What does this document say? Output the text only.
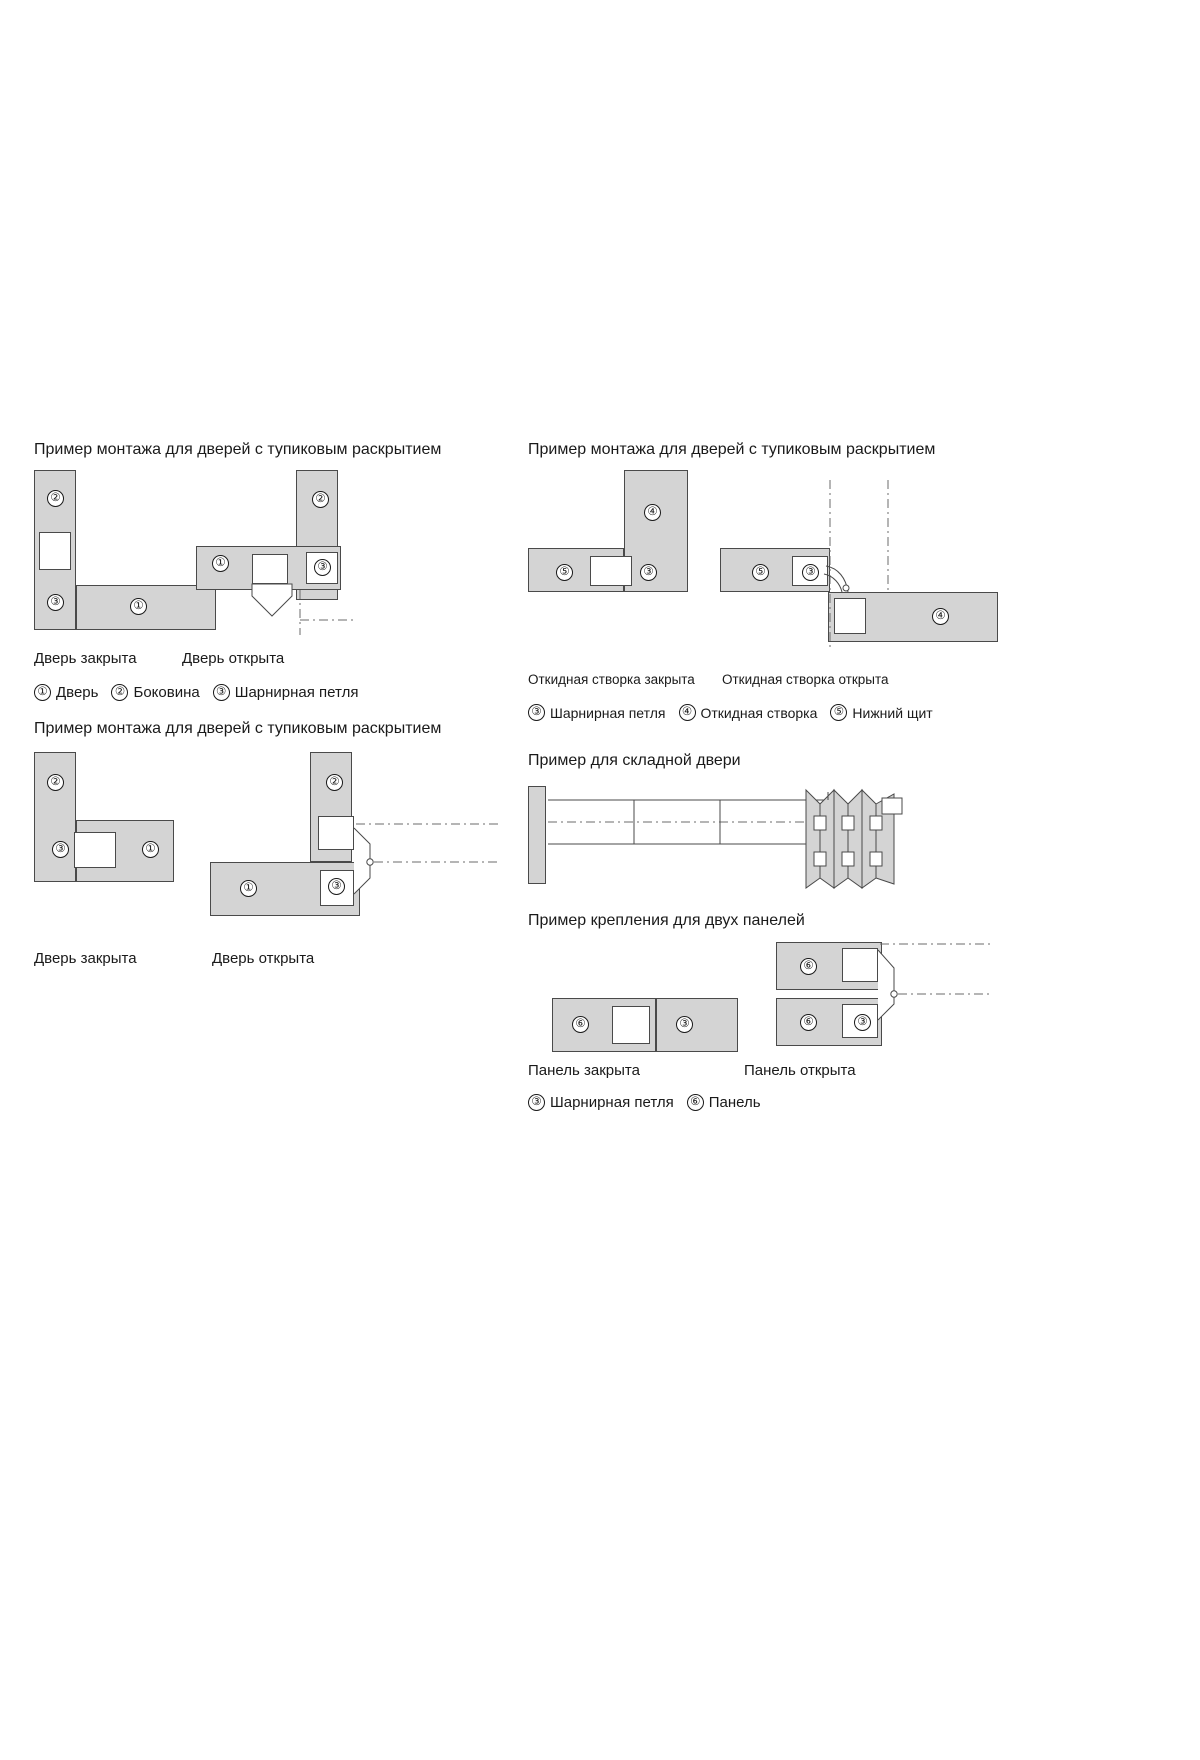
Пример монтажа для дверей с тупиковым раскрытием
②
③	①
②
①	③
Дверь закрыта	Дверь открыта
① Дверь ② Боковина ③ Шарнирная петля
Пример монтажа для дверей с тупиковым раскрытием
②
③	①
②
①	③
Дверь закрыта	Дверь открыта
Пример монтажа для дверей с тупиковым раскрытием
④
⑤	③	⑤	③
④
Откидная створка закрыта Откидная створка открыта
③ Шарнирная петля ④ Откидная створка ⑤ Нижний щит
Пример для складной двери
Пример крепления для двух панелей
⑥	③
⑥
⑥	③
Панель закрыта	Панель открыта
③ Шарнирная петля ⑥ Панель
